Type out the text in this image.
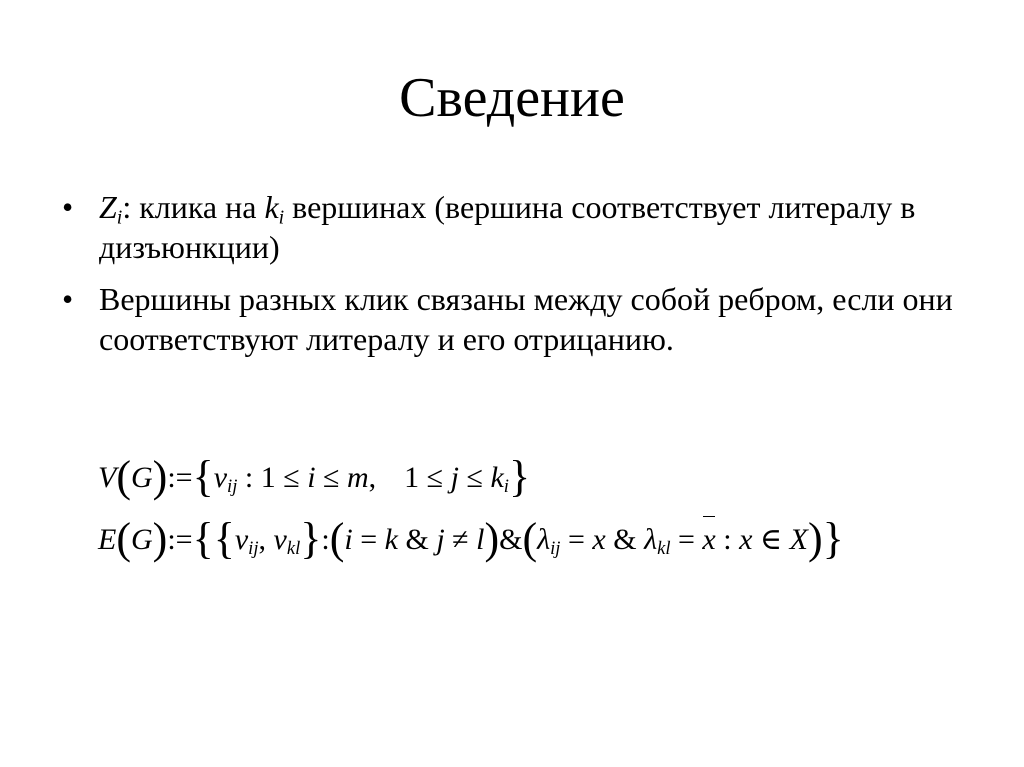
Сведение
• $Z_i$: клика на $k_i$ вершинах (вершина соответствует литералу в дизъюнкции)
• Вершины разных клик связаны между собой ребром, если они соответствуют литералу и его отрицанию.
$V(G):=\{v_{ij}$ : 1 ≤ i ≤ m, $1 \le j \le k_i$}
$E(G):=\{\{v_{ij}$, $v_{kl}\}:(i = k$ & $j \ne l)\&(\lambda_{ij} = x$ & $\lambda_{kl} = x$ : x ∈ X)}
